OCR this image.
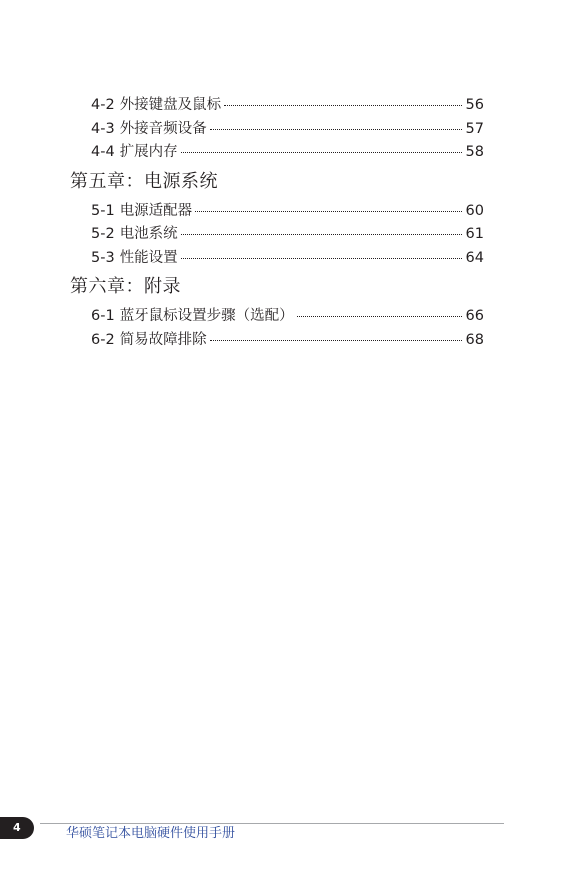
4-2 外接键盘及鼠标	56
4-3 外接音频设备	57
4-4 扩展内存	58
第五章：电源系统
5-1 电源适配器	60
5-2 电池系统	61
5-3 性能设置	64
第六章：附录
6-1 蓝牙鼠标设置步骤（选配）	66
6-2 简易故障排除	68
4	华硕笔记本电脑硬件使用手册
